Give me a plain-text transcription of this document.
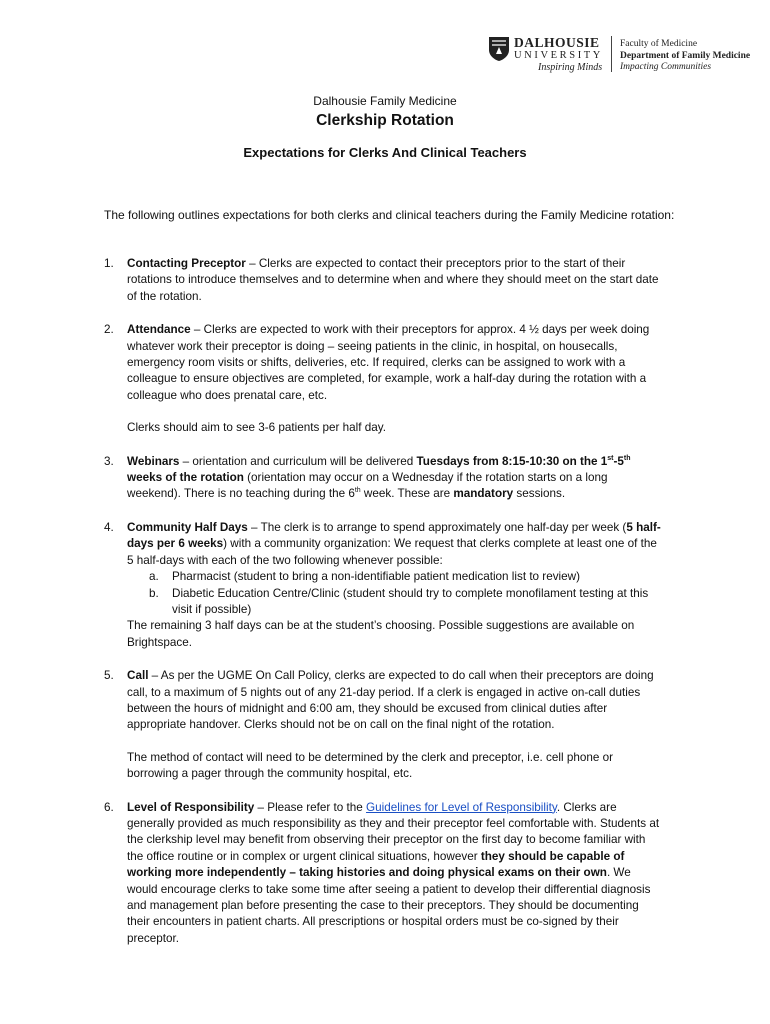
DALHOUSIE
UNIVERSITY
Inspiring Minds
Faculty of Medicine
Department of Family Medicine
Impacting Communities
Dalhousie Family Medicine
Clerkship Rotation
Expectations for Clerks And Clinical Teachers
The following outlines expectations for both clerks and clinical teachers during the Family Medicine rotation:
1. Contacting Preceptor – Clerks are expected to contact their preceptors prior to the start of their rotations to introduce themselves and to determine when and where they should meet on the start date of the rotation.

2. Attendance – Clerks are expected to work with their preceptors for approx. 4 ½ days per week doing whatever work their preceptor is doing – seeing patients in the clinic, in hospital, on housecalls, emergency room visits or shifts, deliveries, etc. If required, clerks can be assigned to work with a colleague to ensure objectives are completed, for example, work a half-day during the rotation with a colleague who does prenatal care, etc.

Clerks should aim to see 3-6 patients per half day.

3. Webinars – orientation and curriculum will be delivered Tuesdays from 8:15-10:30 on the 1st-5th weeks of the rotation (orientation may occur on a Wednesday if the rotation starts on a long weekend). There is no teaching during the 6th week. These are mandatory sessions.

4. Community Half Days – The clerk is to arrange to spend approximately one half-day per week (5 half-days per 6 weeks) with a community organization: We request that clerks complete at least one of the 5 half-days with each of the two following whenever possible:

a. Pharmacist (student to bring a non-identifiable patient medication list to review)
b. Diabetic Education Centre/Clinic (student should try to complete monofilament testing at this visit if possible)

The remaining 3 half days can be at the student’s choosing. Possible suggestions are available on Brightspace.

5. Call – As per the UGME On Call Policy, clerks are expected to do call when their preceptors are doing call, to a maximum of 5 nights out of any 21-day period. If a clerk is engaged in active on-call duties between the hours of midnight and 6:00 am, they should be excused from clinical duties after appropriate handover. Clerks should not be on call on the final night of the rotation.

The method of contact will need to be determined by the clerk and preceptor, i.e. cell phone or borrowing a pager through the community hospital, etc.

6. Level of Responsibility – Please refer to the Guidelines for Level of Responsibility. Clerks are generally provided as much responsibility as they and their preceptor feel comfortable with. Students at the clerkship level may benefit from observing their preceptor on the first day to become familiar with the office routine or in complex or urgent clinical situations, however they should be capable of working more independently – taking histories and doing physical exams on their own. We would encourage clerks to take some time after seeing a patient to develop their differential diagnosis and management plan before presenting the case to their preceptors. They should be documenting their encounters in patient charts. All prescriptions or hospital orders must be co-signed by their preceptor.
